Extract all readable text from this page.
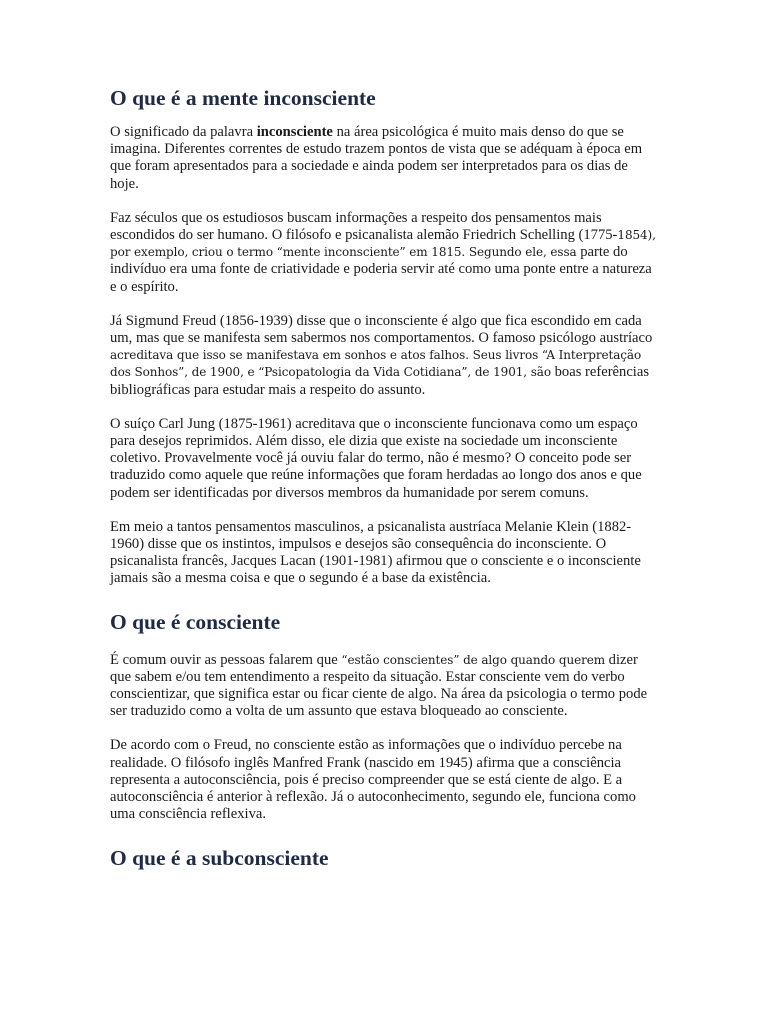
O que é a mente inconsciente

O significado da palavra inconsciente na área psicológica é muito mais denso do que se imagina. Diferentes correntes de estudo trazem pontos de vista que se adéquam à época em que foram apresentados para a sociedade e ainda podem ser interpretados para os dias de hoje.

Faz séculos que os estudiosos buscam informações a respeito dos pensamentos mais escondidos do ser humano. O filósofo e psicanalista alemão Friedrich Schelling (1775-1854), por exemplo, criou o termo “mente inconsciente” em 1815. Segundo ele, essa parte do indivíduo era uma fonte de criatividade e poderia servir até como uma ponte entre a natureza e o espírito.

Já Sigmund Freud (1856-1939) disse que o inconsciente é algo que fica escondido em cada um, mas que se manifesta sem sabermos nos comportamentos. O famoso psicólogo austríaco acreditava que isso se manifestava em sonhos e atos falhos. Seus livros “A Interpretação dos Sonhos”, de 1900, e “Psicopatologia da Vida Cotidiana”, de 1901, são boas referências bibliográficas para estudar mais a respeito do assunto.

O suíço Carl Jung (1875-1961) acreditava que o inconsciente funcionava como um espaço para desejos reprimidos. Além disso, ele dizia que existe na sociedade um inconsciente coletivo. Provavelmente você já ouviu falar do termo, não é mesmo? O conceito pode ser traduzido como aquele que reúne informações que foram herdadas ao longo dos anos e que podem ser identificadas por diversos membros da humanidade por serem comuns.

Em meio a tantos pensamentos masculinos, a psicanalista austríaca Melanie Klein (1882-1960) disse que os instintos, impulsos e desejos são consequência do inconsciente. O psicanalista francês, Jacques Lacan (1901-1981) afirmou que o consciente e o inconsciente jamais são a mesma coisa e que o segundo é a base da existência.

O que é consciente

É comum ouvir as pessoas falarem que “estão conscientes” de algo quando querem dizer que sabem e/ou tem entendimento a respeito da situação. Estar consciente vem do verbo conscientizar, que significa estar ou ficar ciente de algo. Na área da psicologia o termo pode ser traduzido como a volta de um assunto que estava bloqueado ao consciente.

De acordo com o Freud, no consciente estão as informações que o indivíduo percebe na realidade. O filósofo inglês Manfred Frank (nascido em 1945) afirma que a consciência representa a autoconsciência, pois é preciso compreender que se está ciente de algo. E a autoconsciência é anterior à reflexão. Já o autoconhecimento, segundo ele, funciona como uma consciência reflexiva.

O que é a subconsciente
